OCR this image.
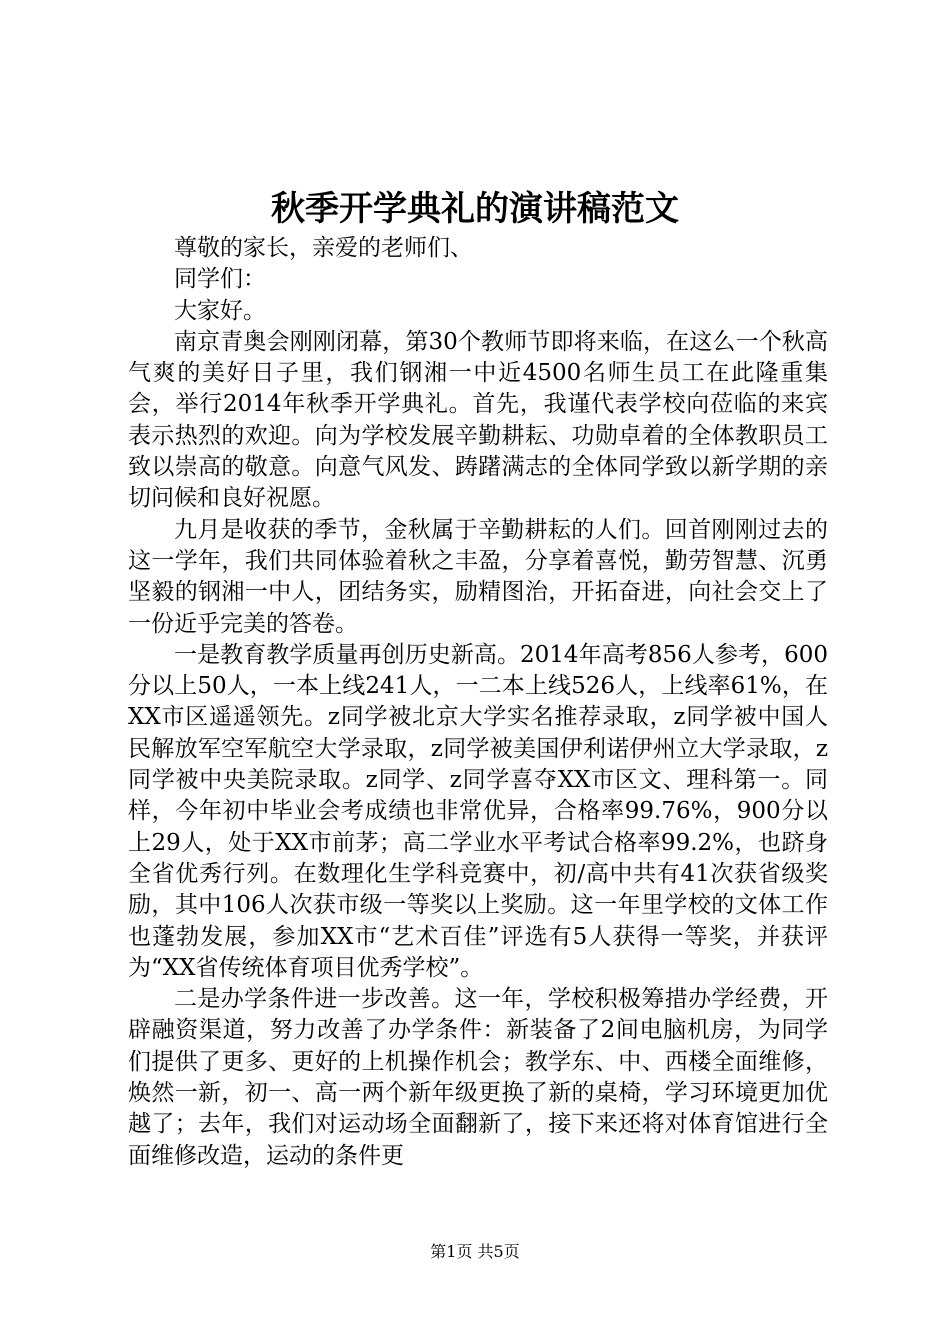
秋季开学典礼的演讲稿范文

尊敬的家长，亲爱的老师们、

同学们：

大家好。

南京青奥会刚刚闭幕，第30个教师节即将来临，在这么一个秋高气爽的美好日子里，我们钢湘一中近4500名师生员工在此隆重集会，举行2014年秋季开学典礼。首先，我谨代表学校向莅临的来宾表示热烈的欢迎。向为学校发展辛勤耕耘、功勋卓着的全体教职员工致以崇高的敬意。向意气风发、踌躇满志的全体同学致以新学期的亲切问候和良好祝愿。

九月是收获的季节，金秋属于辛勤耕耘的人们。回首刚刚过去的这一学年，我们共同体验着秋之丰盈，分享着喜悦，勤劳智慧、沉勇坚毅的钢湘一中人，团结务实，励精图治，开拓奋进，向社会交上了一份近乎完美的答卷。

一是教育教学质量再创历史新高。2014年高考856人参考，600分以上50人，一本上线241人，一二本上线526人，上线率61%，在XX市区遥遥领先。z同学被北京大学实名推荐录取，z同学被中国人民解放军空军航空大学录取，z同学被美国伊利诺伊州立大学录取，z同学被中央美院录取。z同学、z同学喜夺XX市区文、理科第一。同样，今年初中毕业会考成绩也非常优异，合格率99.76%，900分以上29人，处于XX市前茅；高二学业水平考试合格率99.2%，也跻身全省优秀行列。在数理化生学科竞赛中，初/高中共有41次获省级奖励，其中106人次获市级一等奖以上奖励。这一年里学校的文体工作也蓬勃发展，参加XX市“艺术百佳”评选有5人获得一等奖，并获评为“XX省传统体育项目优秀学校”。

二是办学条件进一步改善。这一年，学校积极筹措办学经费，开辟融资渠道，努力改善了办学条件：新装备了2间电脑机房，为同学们提供了更多、更好的上机操作机会；教学东、中、西楼全面维修，焕然一新，初一、高一两个新年级更换了新的桌椅，学习环境更加优越了；去年，我们对运动场全面翻新了，接下来还将对体育馆进行全面维修改造，运动的条件更

第1页 共5页
